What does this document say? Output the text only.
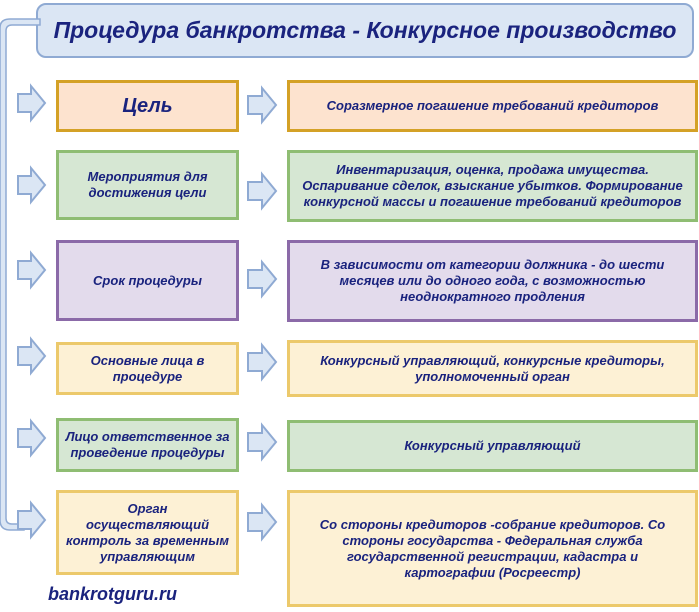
Процедура банкротства - Конкурсное производство
Цель	Соразмерное погашение требований кредиторов
Мероприятия для достижения цели
Инвентаризация, оценка, продажа имущества. Оспаривание сделок, взыскание убытков. Формирование конкурсной массы и погашение требований кредиторов
Срок процедуры
В зависимости от категории должника - до шести месяцев или до одного года, с возможностью неоднократного продления
Основные лица в процедуре
Конкурсный управляющий, конкурсные кредиторы, уполномоченный орган
Лицо ответственное за проведение процедуры	Конкурсный управляющий
Орган осуществляющий контроль за временным управляющим
Со стороны кредиторов -собрание кредиторов. Со стороны государства - Федеральная служба государственной регистрации, кадастра и картографии (Росреестр)
bankrotguru.ru
